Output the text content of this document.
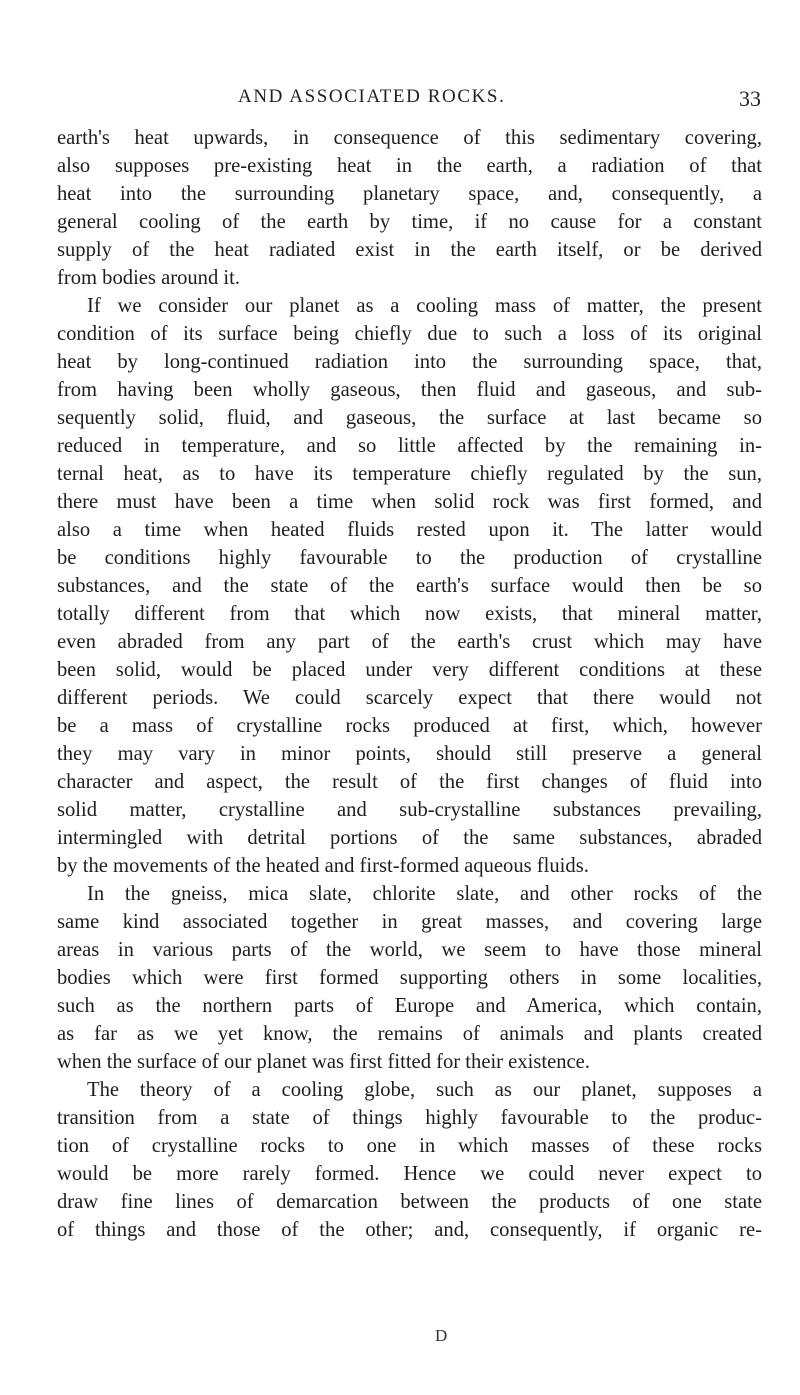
AND ASSOCIATED ROCKS.	33
earth's heat upwards, in consequence of this sedimentary covering,
also supposes pre-existing heat in the earth, a radiation of that
heat into the surrounding planetary space, and, consequently, a
general cooling of the earth by time, if no cause for a constant
supply of the heat radiated exist in the earth itself, or be derived
from bodies around it.
If we consider our planet as a cooling mass of matter, the present
condition of its surface being chiefly due to such a loss of its original
heat by long-continued radiation into the surrounding space, that,
from having been wholly gaseous, then fluid and gaseous, and sub-
sequently solid, fluid, and gaseous, the surface at last became so
reduced in temperature, and so little affected by the remaining in-
ternal heat, as to have its temperature chiefly regulated by the sun,
there must have been a time when solid rock was first formed, and
also a time when heated fluids rested upon it. The latter would
be conditions highly favourable to the production of crystalline
substances, and the state of the earth's surface would then be so
totally different from that which now exists, that mineral matter,
even abraded from any part of the earth's crust which may have
been solid, would be placed under very different conditions at these
different periods. We could scarcely expect that there would not
be a mass of crystalline rocks produced at first, which, however
they may vary in minor points, should still preserve a general
character and aspect, the result of the first changes of fluid into
solid matter, crystalline and sub-crystalline substances prevailing,
intermingled with detrital portions of the same substances, abraded
by the movements of the heated and first-formed aqueous fluids.
In the gneiss, mica slate, chlorite slate, and other rocks of the
same kind associated together in great masses, and covering large
areas in various parts of the world, we seem to have those mineral
bodies which were first formed supporting others in some localities,
such as the northern parts of Europe and America, which contain,
as far as we yet know, the remains of animals and plants created
when the surface of our planet was first fitted for their existence.
The theory of a cooling globe, such as our planet, supposes a
transition from a state of things highly favourable to the produc-
tion of crystalline rocks to one in which masses of these rocks
would be more rarely formed. Hence we could never expect to
draw fine lines of demarcation between the products of one state
of things and those of the other; and, consequently, if organic re-
D
